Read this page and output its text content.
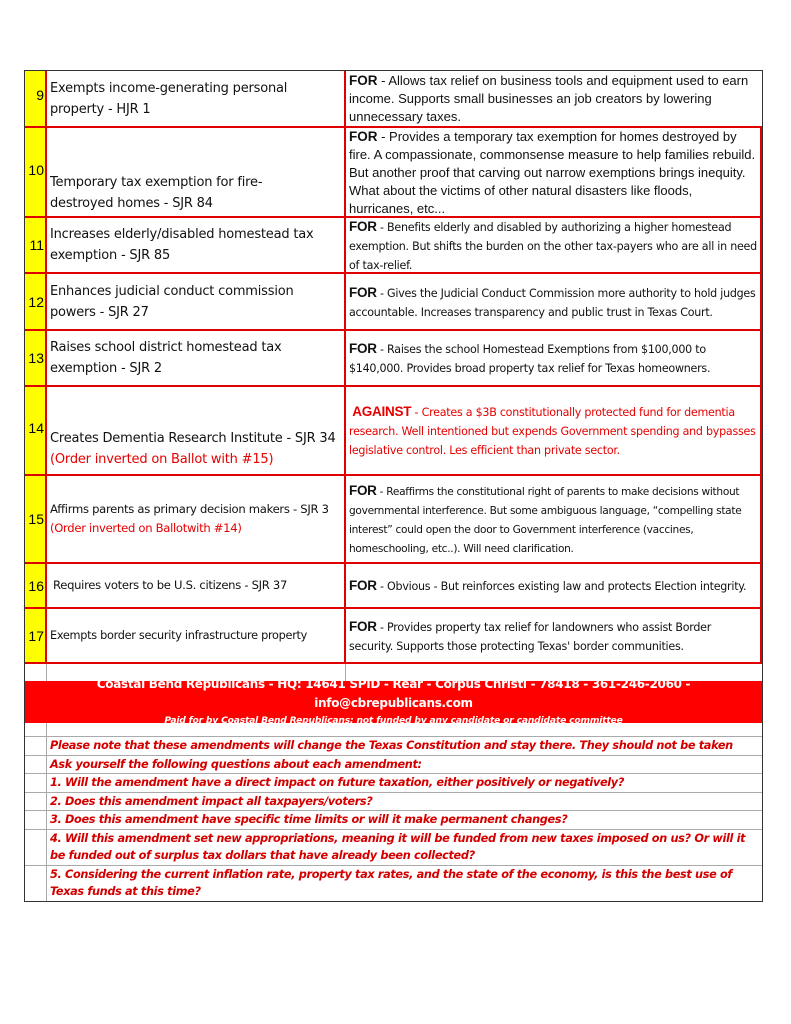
9 Exempts income-generating personal property - HJR 1
FOR - Allows tax relief on business tools and equipment used to earn income. Supports small businesses an job creators by lowering unnecessary taxes.
10
Temporary tax exemption for fire-destroyed homes - SJR 84
FOR - Provides a temporary tax exemption for homes destroyed by fire. A compassionate, commonsense measure to help families rebuild. But another proof that carving out narrow exemptions brings inequity. What about the victims of other natural disasters like floods, hurricanes, etc...
11
Increases elderly/disabled homestead tax exemption - SJR 85
FOR - Benefits elderly and disabled by authorizing a higher homestead exemption. But shifts the burden on the other tax-payers who are all in need of tax-relief.
12
Enhances judicial conduct commission powers - SJR 27
FOR - Gives the Judicial Conduct Commission more authority to hold judges accountable. Increases transparency and public trust in Texas Court.
13
Raises school district homestead tax exemption - SJR 2
FOR - Raises the school Homestead Exemptions from $100,000 to $140,000. Provides broad property tax relief for Texas homeowners.
14
Creates Dementia Research Institute - SJR 34 (Order inverted on Ballot with #15)
AGAINST - Creates a $3B constitutionally protected fund for dementia research. Well intentioned but expends Government spending and bypasses legislative control. Les efficient than private sector.
15
Affirms parents as primary decision makers - SJR 3 (Order inverted on Ballotwith #14)
FOR - Reaffirms the constitutional right of parents to make decisions without governmental interference. But some ambiguous language, “compelling state interest” could open the door to Government interference (vaccines, homeschooling, etc..). Will need clarification.
16 Requires voters to be U.S. citizens - SJR 37	FOR - Obvious - But reinforces existing law and protects Election integrity.
17 Exempts border security infrastructure property
FOR - Provides property tax relief for landowners who assist Border security. Supports those protecting Texas' border communities.
Coastal Bend Republicans - HQ: 14641 SPID - Rear - Corpus Christi - 78418 - 361-246-2060 - info@cbrepublicans.com
Paid for by Coastal Bend Republicans; not funded by any candidate or candidate committee
Please note that these amendments will change the Texas Constitution and stay there. They should not be taken
Ask yourself the following questions about each amendment:
1. Will the amendment have a direct impact on future taxation, either positively or negatively?
2. Does this amendment impact all taxpayers/voters?
3. Does this amendment have specific time limits or will it make permanent changes?
4. Will this amendment set new appropriations, meaning it will be funded from new taxes imposed on us? Or will it be funded out of surplus tax dollars that have already been collected?
5. Considering the current inflation rate, property tax rates, and the state of the economy, is this the best use of Texas funds at this time?
